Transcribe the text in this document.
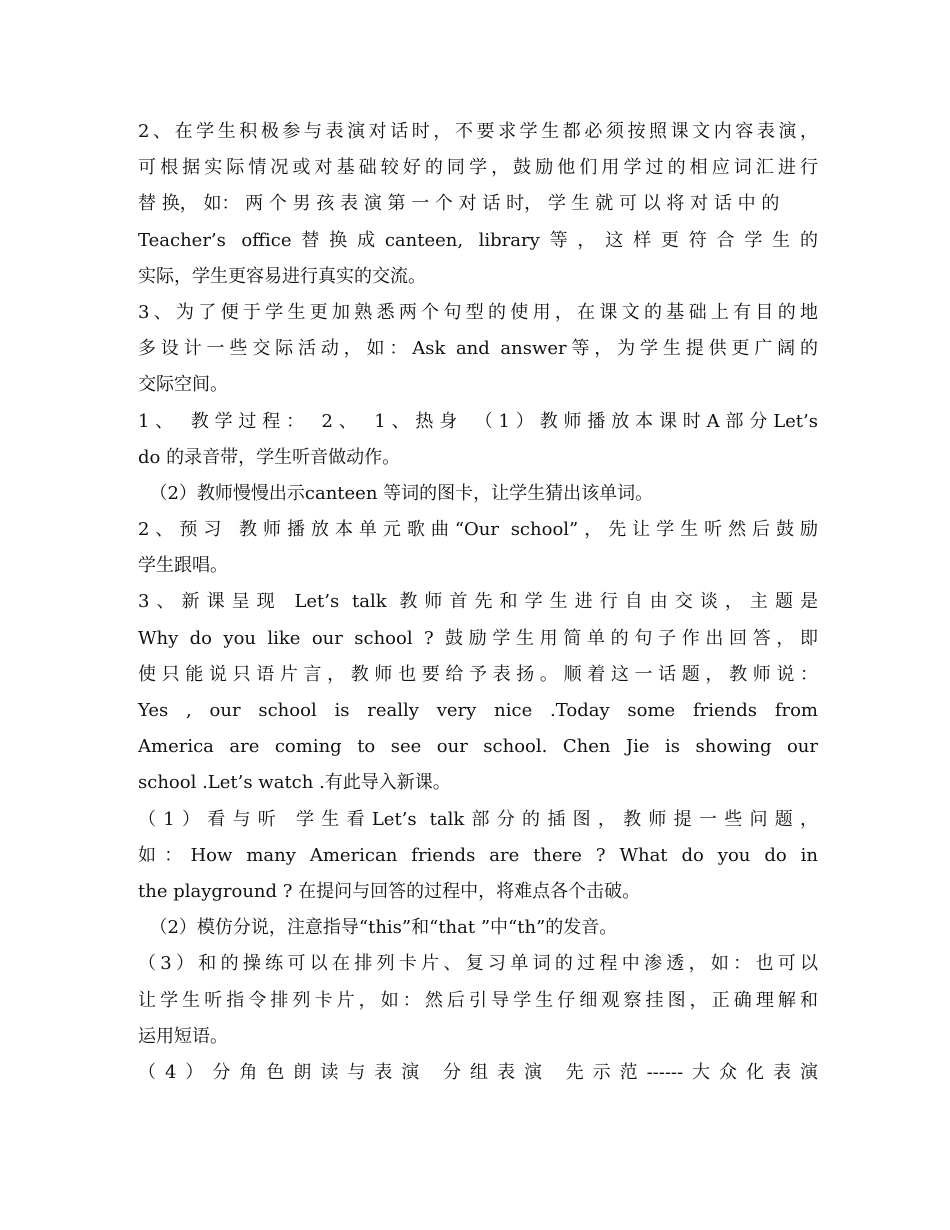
2、在学生积极参与表演对话时，不要求学生都必须按照课文内容表演，
可根据实际情况或对基础较好的同学，鼓励他们用学过的相应词汇进行
替 换， 如： 两 个 男 孩 表 演 第 一 个 对 话 时， 学 生 就 可 以 将 对 话 中 的
Teacher’s office替换成canteen, library等，这样更符合学生的
实际，学生更容易进行真实的交流。
3、为了便于学生更加熟悉两个句型的使用，在课文的基础上有目的地
多设计一些交际活动，如：Ask and answer等，为学生提供更广阔的
交际空间。
1、 教学过程： 2、 1、热身 （1）教师播放本课时A部分Let’s
do 的录音带，学生听音做动作。
（2）教师慢慢出示canteen 等词的图卡，让学生猜出该单词。
2、预习 教师播放本单元歌曲“Our school”，先让学生听然后鼓励
学生跟唱。
3、新课呈现 Let’s talk 教师首先和学生进行自由交谈，主题是
Why do you like our school ? 鼓励学生用简单的句子作出回答，即
使只能说只语片言，教师也要给予表扬。顺着这一话题，教师说：
Yes , our school is really very nice .Today some friends from
America are coming to see our school. Chen Jie is showing our
school .Let’s watch .有此导入新课。
（1）看与听 学生看Let’s talk部分的插图，教师提一些问题，
如：How many American friends are there ? What do you do in
the playground ? 在提问与回答的过程中，将难点各个击破。
（2）模仿分说，注意指导“this”和“that ”中“th”的发音。
（3）和的操练可以在排列卡片、复习单词的过程中渗透，如：也可以
让学生听指令排列卡片，如：然后引导学生仔细观察挂图，正确理解和
运用短语。
（4）分角色朗读与表演 分组表演 先示范------大众化表演
